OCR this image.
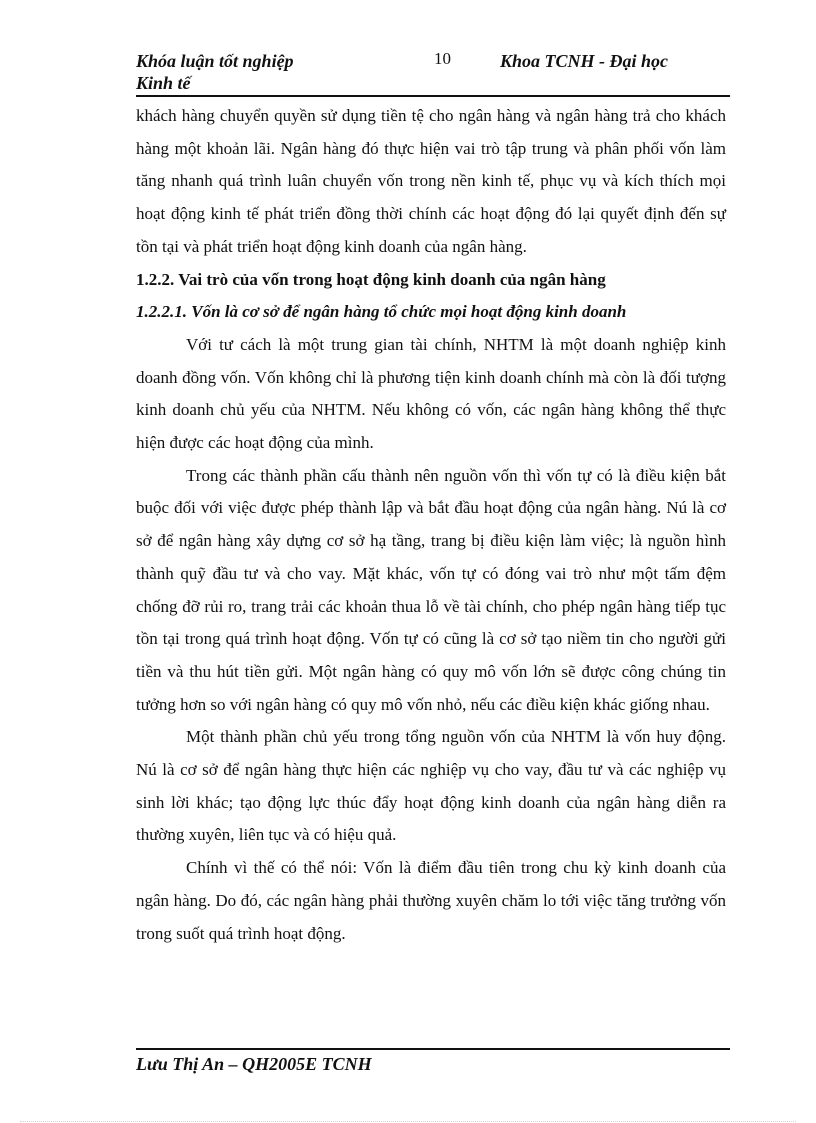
Khóa luận tốt nghiệp
Kinh tế
10	Khoa TCNH - Đại học

khách hàng chuyển quyền sử dụng tiền tệ cho ngân hàng và ngân hàng trả cho khách hàng một khoản lãi. Ngân hàng đó thực hiện vai trò tập trung và phân phối vốn làm tăng nhanh quá trình luân chuyển vốn trong nền kinh tế, phục vụ và kích thích mọi hoạt động kinh tế phát triển đồng thời chính các hoạt động đó lại quyết định đến sự tồn tại và phát triển hoạt động kinh doanh của ngân hàng.

1.2.2. Vai trò của vốn trong hoạt động kinh doanh của ngân hàng

1.2.2.1. Vốn là cơ sở để ngân hàng tổ chức mọi hoạt động kinh doanh

Với tư cách là một trung gian tài chính, NHTM là một doanh nghiệp kinh doanh đồng vốn. Vốn không chỉ là phương tiện kinh doanh chính mà còn là đối tượng kinh doanh chủ yếu của NHTM. Nếu không có vốn, các ngân hàng không thể thực hiện được các hoạt động của mình.

Trong các thành phần cấu thành nên nguồn vốn thì vốn tự có là điều kiện bắt buộc đối với việc được phép thành lập và bắt đầu hoạt động của ngân hàng. Nú là cơ sở để ngân hàng xây dựng cơ sở hạ tầng, trang bị điều kiện làm việc; là nguồn hình thành quỹ đầu tư và cho vay. Mặt khác, vốn tự có đóng vai trò như một tấm đệm chống đỡ rủi ro, trang trải các khoản thua lỗ về tài chính, cho phép ngân hàng tiếp tục tồn tại trong quá trình hoạt động. Vốn tự có cũng là cơ sở tạo niềm tin cho người gửi tiền và thu hút tiền gửi. Một ngân hàng có quy mô vốn lớn sẽ được công chúng tin tưởng hơn so với ngân hàng có quy mô vốn nhỏ, nếu các điều kiện khác giống nhau.

Một thành phần chủ yếu trong tổng nguồn vốn của NHTM là vốn huy động. Nú là cơ sở để ngân hàng thực hiện các nghiệp vụ cho vay, đầu tư và các nghiệp vụ sinh lời khác; tạo động lực thúc đẩy hoạt động kinh doanh của ngân hàng diễn ra thường xuyên, liên tục và có hiệu quả.

Chính vì thế có thể nói: Vốn là điểm đầu tiên trong chu kỳ kinh doanh của ngân hàng. Do đó, các ngân hàng phải thường xuyên chăm lo tới việc tăng trưởng vốn trong suốt quá trình hoạt động.

Lưu Thị An – QH2005E TCNH
